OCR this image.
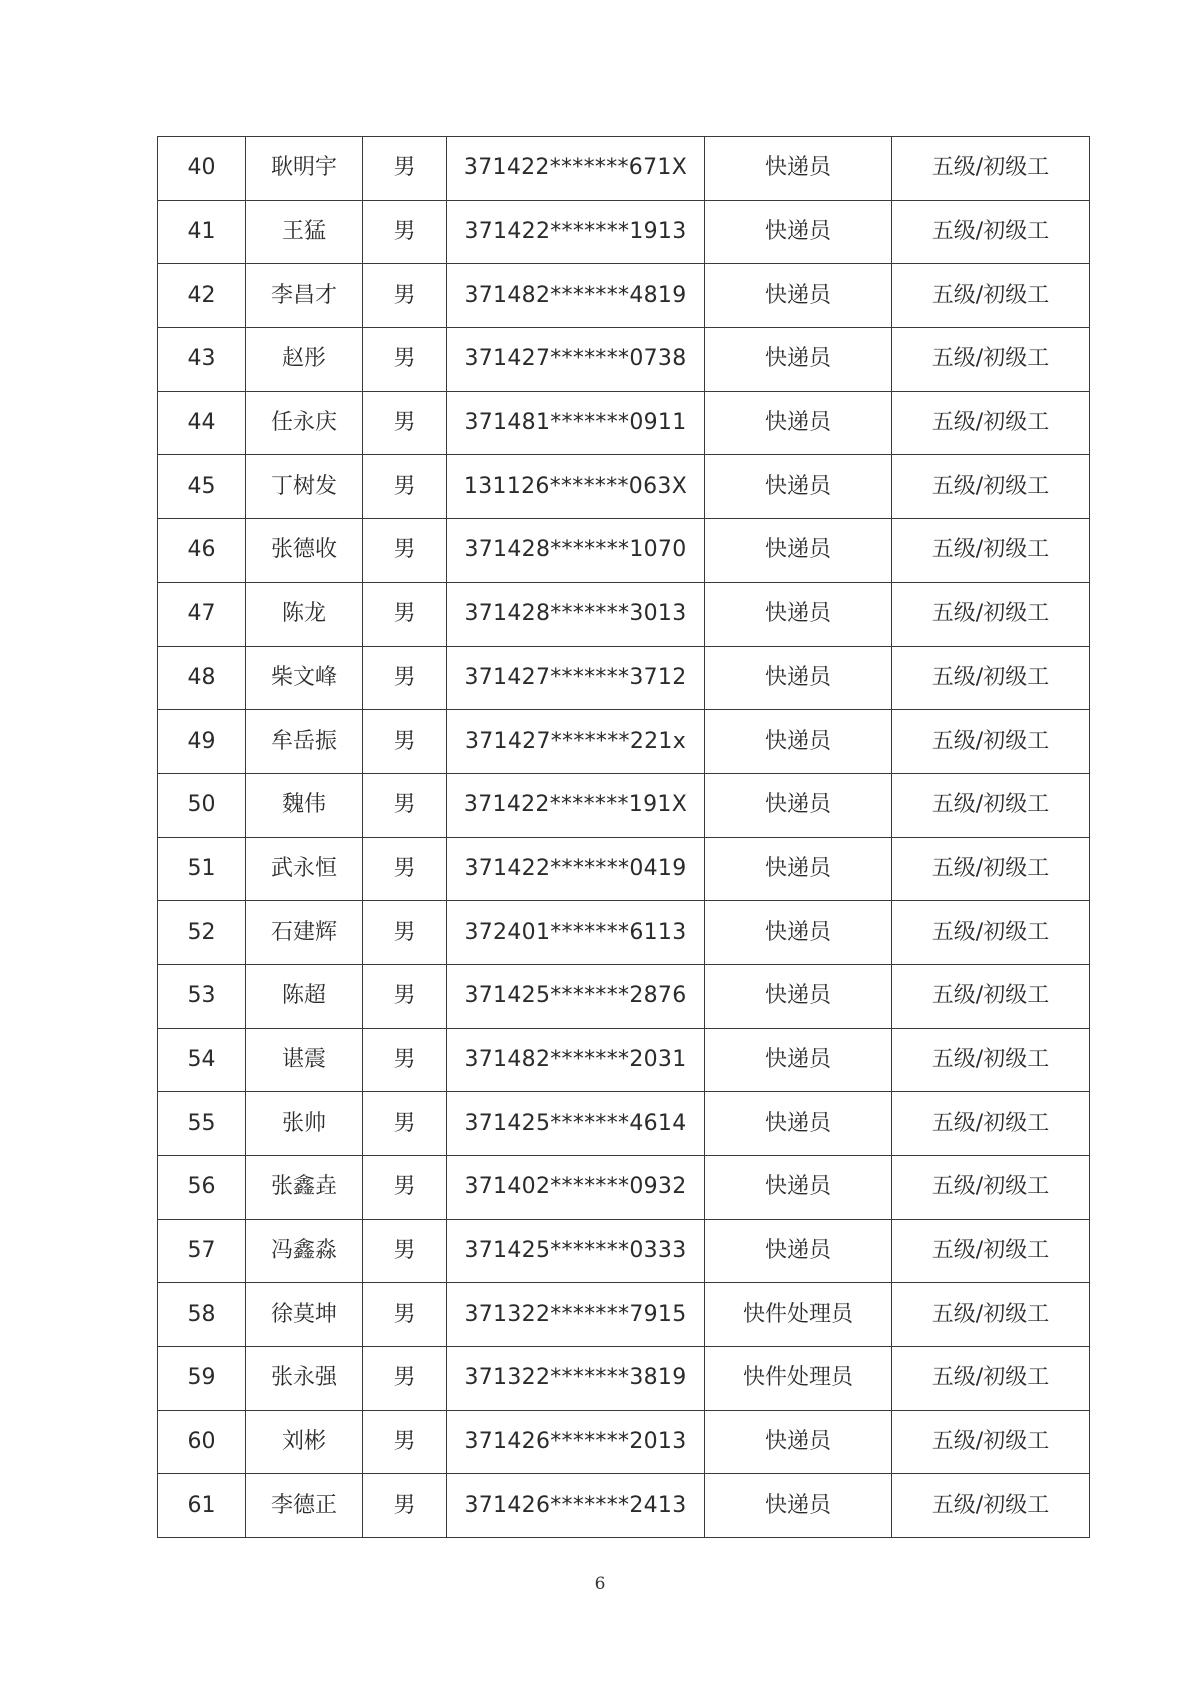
40	耿明宇	男	371422*******671X	快递员	五级/初级工
41	王猛	男	371422*******1913	快递员	五级/初级工
42	李昌才	男	371482*******4819	快递员	五级/初级工
43	赵彤	男	371427*******0738	快递员	五级/初级工
44	任永庆	男	371481*******0911	快递员	五级/初级工
45	丁树发	男	131126*******063X	快递员	五级/初级工
46	张德收	男	371428*******1070	快递员	五级/初级工
47	陈龙	男	371428*******3013	快递员	五级/初级工
48	柴文峰	男	371427*******3712	快递员	五级/初级工
49	牟岳振	男	371427*******221x	快递员	五级/初级工
50	魏伟	男	371422*******191X	快递员	五级/初级工
51	武永恒	男	371422*******0419	快递员	五级/初级工
52	石建辉	男	372401*******6113	快递员	五级/初级工
53	陈超	男	371425*******2876	快递员	五级/初级工
54	谌震	男	371482*******2031	快递员	五级/初级工
55	张帅	男	371425*******4614	快递员	五级/初级工
56	张鑫垚	男	371402*******0932	快递员	五级/初级工
57	冯鑫淼	男	371425*******0333	快递员	五级/初级工
58	徐莫坤	男	371322*******7915	快件处理员	五级/初级工
59	张永强	男	371322*******3819	快件处理员	五级/初级工
60	刘彬	男	371426*******2013	快递员	五级/初级工
61	李德正	男	371426*******2413	快递员	五级/初级工
6
